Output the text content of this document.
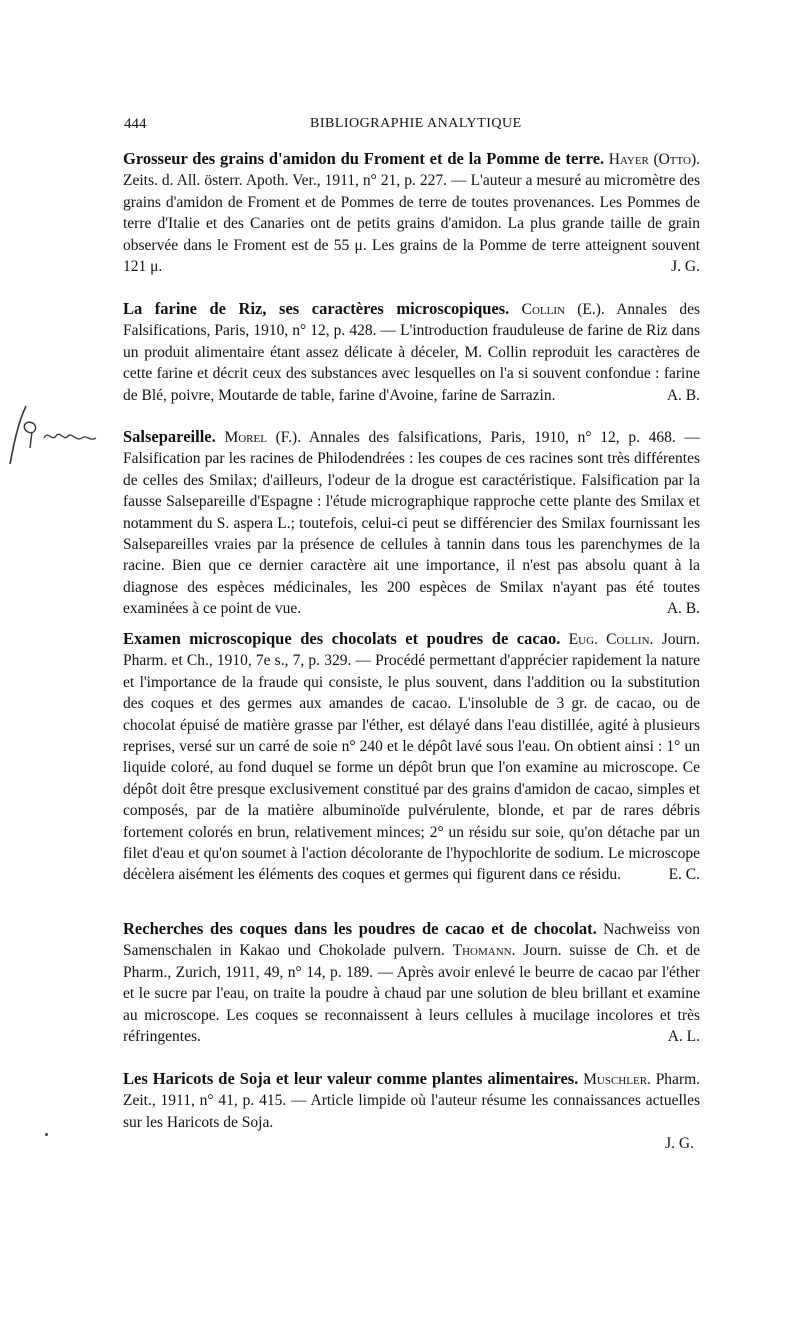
444	BIBLIOGRAPHIE ANALYTIQUE
Grosseur des grains d'amidon du Froment et de la Pomme de terre. Hayer (Otto). Zeits. d. All. österr. Apoth. Ver., 1911, n° 21, p. 227. — L'auteur a mesuré au micromètre des grains d'amidon de Froment et de Pommes de terre de toutes provenances. Les Pommes de terre d'Italie et des Canaries ont de petits grains d'amidon. La plus grande taille de grain observée dans le Froment est de 55 μ. Les grains de la Pomme de terre atteignent souvent 121 μ.	J. G.
La farine de Riz, ses caractères microscopiques. Collin (E.). Annales des Falsifications, Paris, 1910, n° 12, p. 428. — L'introduction frauduleuse de farine de Riz dans un produit alimentaire étant assez délicate à déceler, M. Collin reproduit les caractères de cette farine et décrit ceux des substances avec lesquelles on l'a si souvent confondue : farine de Blé, poivre, Moutarde de table, farine d'Avoine, farine de Sarrazin.	A. B.
Salsepareille. Morel (F.). Annales des falsifications, Paris, 1910, n° 12, p. 468. — Falsification par les racines de Philodendrées : les coupes de ces racines sont très différentes de celles des Smilax; d'ailleurs, l'odeur de la drogue est caractéristique. Falsification par la fausse Salsepareille d'Espagne : l'étude micrographique rapproche cette plante des Smilax et notamment du S. aspera L.; toutefois, celui-ci peut se différencier des Smilax fournissant les Salsepareilles vraies par la présence de cellules à tannin dans tous les parenchymes de la racine. Bien que ce dernier caractère ait une importance, il n'est pas absolu quant à la diagnose des espèces médicinales, les 200 espèces de Smilax n'ayant pas été toutes examinées à ce point de vue.	A. B.
Examen microscopique des chocolats et poudres de cacao. Eug. Collin. Journ. Pharm. et Ch., 1910, 7e s., 7, p. 329. — Procédé permettant d'apprécier rapidement la nature et l'importance de la fraude qui consiste, le plus souvent, dans l'addition ou la substitution des coques et des germes aux amandes de cacao. L'insoluble de 3 gr. de cacao, ou de chocolat épuisé de matière grasse par l'éther, est délayé dans l'eau distillée, agité à plusieurs reprises, versé sur un carré de soie n° 240 et le dépôt lavé sous l'eau. On obtient ainsi : 1° un liquide coloré, au fond duquel se forme un dépôt brun que l'on examine au microscope. Ce dépôt doit être presque exclusivement constitué par des grains d'amidon de cacao, simples et composés, par de la matière albuminoïde pulvérulente, blonde, et par de rares débris fortement colorés en brun, relativement minces; 2° un résidu sur soie, qu'on détache par un filet d'eau et qu'on soumet à l'action décolorante de l'hypochlorite de sodium. Le microscope décèlera aisément les éléments des coques et germes qui figurent dans ce résidu.	E. C.
Recherches des coques dans les poudres de cacao et de chocolat. Nachweiss von Samenschalen in Kakao und Chokolade pulvern. Thomann. Journ. suisse de Ch. et de Pharm., Zurich, 1911, 49, n° 14, p. 189. — Après avoir enlevé le beurre de cacao par l'éther et le sucre par l'eau, on traite la poudre à chaud par une solution de bleu brillant et examine au microscope. Les coques se reconnaissent à leurs cellules à mucilage incolores et très réfringentes.	A. L.
Les Haricots de Soja et leur valeur comme plantes alimentaires. Muschler. Pharm. Zeit., 1911, n° 41, p. 415. — Article limpide où l'auteur résume les connaissances actuelles sur les Haricots de Soja.
J. G.
